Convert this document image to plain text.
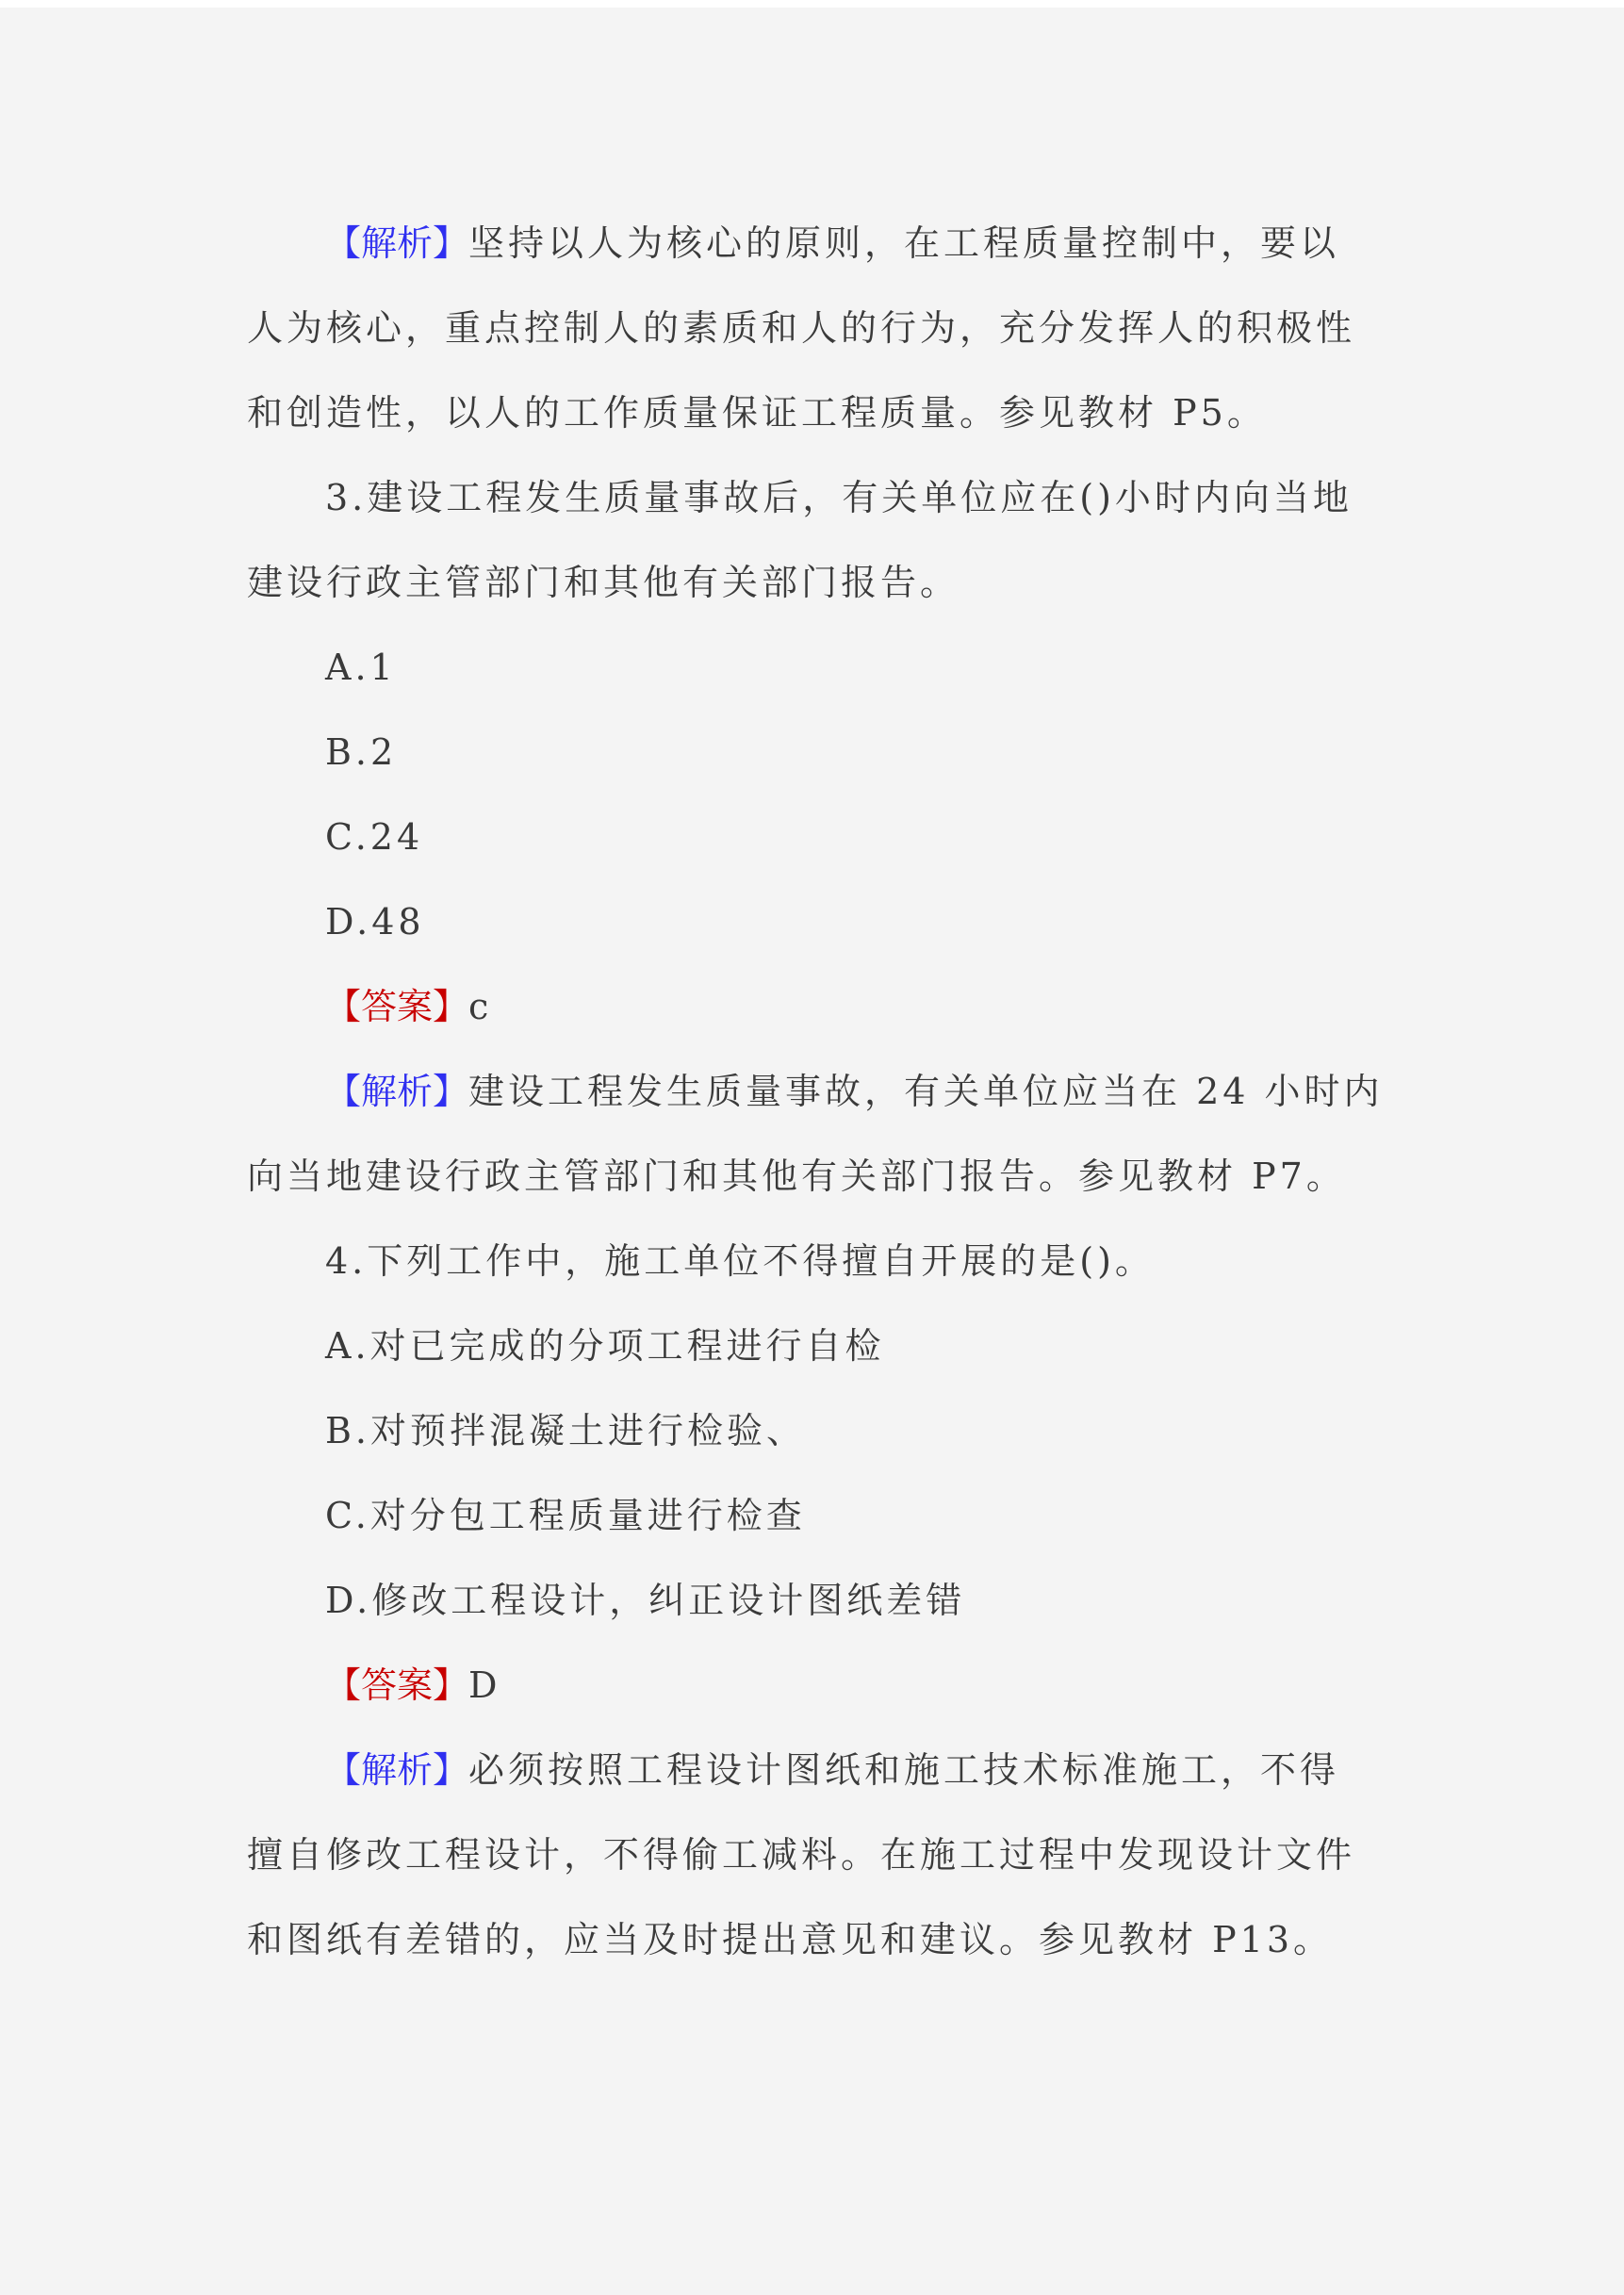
【解析】坚持以人为核心的原则，在工程质量控制中，要以
人为核心，重点控制人的素质和人的行为，充分发挥人的积极性
和创造性，以人的工作质量保证工程质量。参见教材 P5。
3.建设工程发生质量事故后，有关单位应在()小时内向当地
建设行政主管部门和其他有关部门报告。
A.1
B.2
C.24
D.48
【答案】c
【解析】建设工程发生质量事故，有关单位应当在 24 小时内
向当地建设行政主管部门和其他有关部门报告。参见教材 P7。
4.下列工作中，施工单位不得擅自开展的是()。
A.对已完成的分项工程进行自检
B.对预拌混凝土进行检验、
C.对分包工程质量进行检查
D.修改工程设计，纠正设计图纸差错
【答案】D
【解析】必须按照工程设计图纸和施工技术标准施工，不得
擅自修改工程设计，不得偷工减料。在施工过程中发现设计文件
和图纸有差错的，应当及时提出意见和建议。参见教材 P13。
